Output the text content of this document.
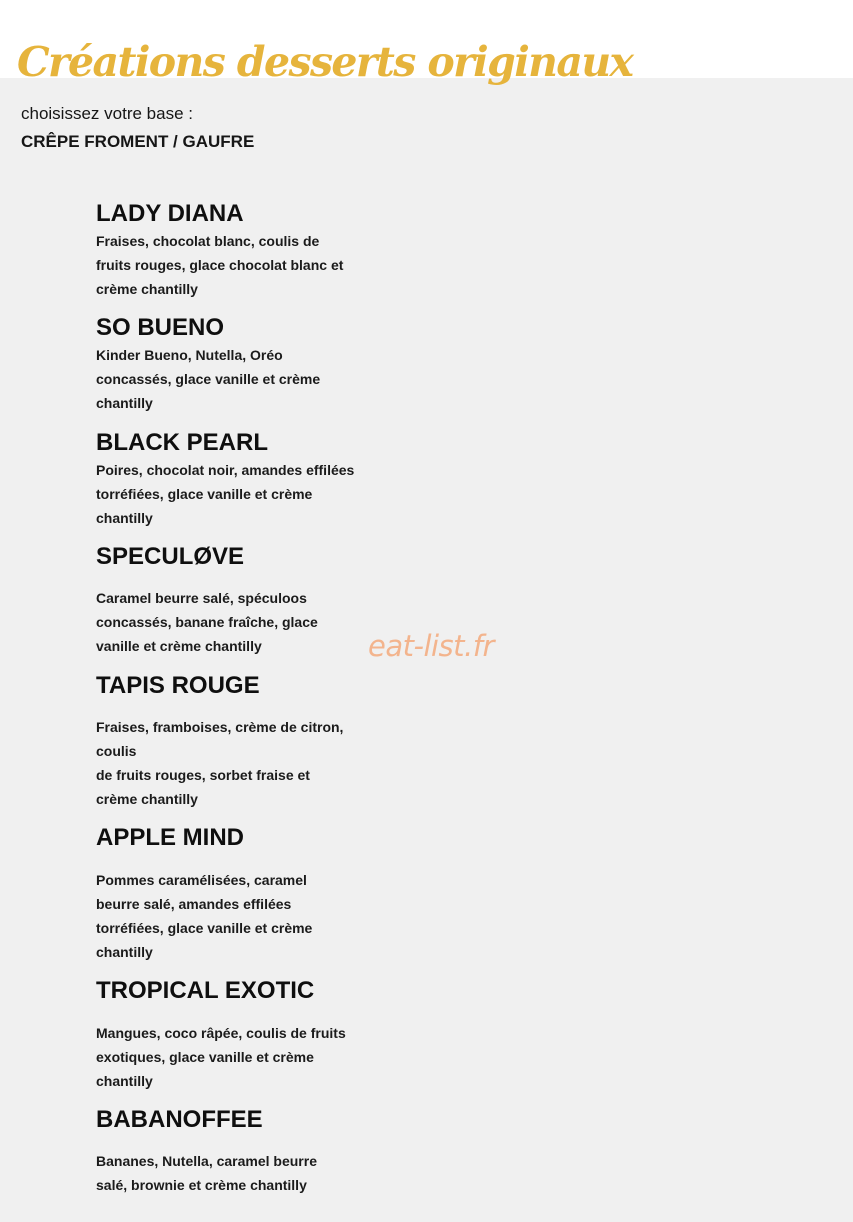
Créations desserts originaux
choisissez votre base :
CRÊPE FROMENT / GAUFRE
LADY DIANA
Fraises, chocolat blanc, coulis de
fruits rouges, glace chocolat blanc et
crème chantilly
SO BUENO
Kinder Bueno, Nutella, Oréo
concassés, glace vanille et crème
chantilly
BLACK PEARL
Poires, chocolat noir, amandes effilées
torréfiées, glace vanille et crème
chantilly
SPECULØVE
Caramel beurre salé, spéculoos
concassés, banane fraîche, glace
vanille et crème chantilly
TAPIS ROUGE
Fraises, framboises, crème de citron,
coulis
de fruits rouges, sorbet fraise et
crème chantilly
APPLE MIND
Pommes caramélisées, caramel
beurre salé, amandes effilées
torréfiées, glace vanille et crème
chantilly
TROPICAL EXOTIC
Mangues, coco râpée, coulis de fruits
exotiques, glace vanille et crème
chantilly
BABANOFFEE
Bananes, Nutella, caramel beurre
salé, brownie et crème chantilly
eat-list.fr
